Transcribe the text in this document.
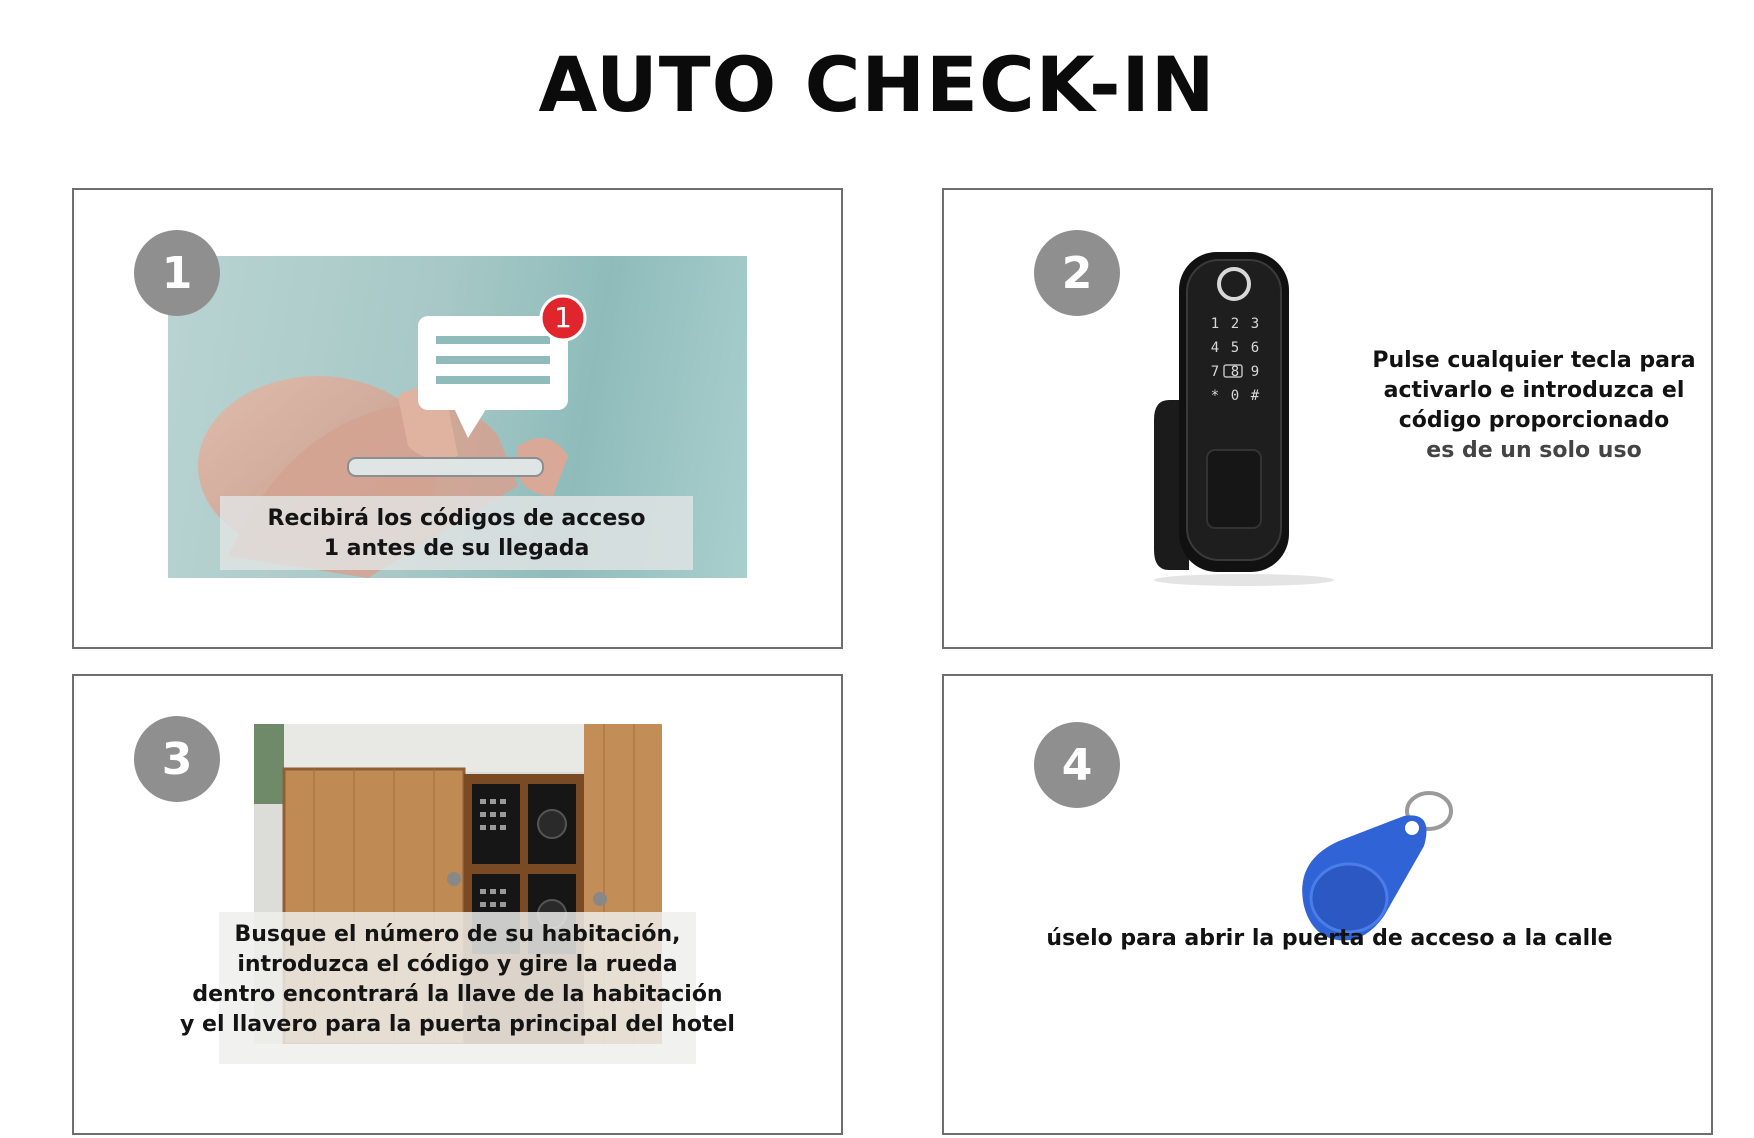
AUTO CHECK-IN
1
Recibirá los códigos de acceso
1 antes de su llegada
1	2
1 2 3
4 5 6
7 8 9
* 0 #
Pulse cualquier tecla para
activarlo e introduzca el
código proporcionado
es de un solo uso
Busque el número de su habitación,
introduzca el código y gire la rueda
dentro encontrará la llave de la habitación
y el llavero para la puerta principal del hotel
3	4
úselo para abrir la puerta de acceso a la calle
